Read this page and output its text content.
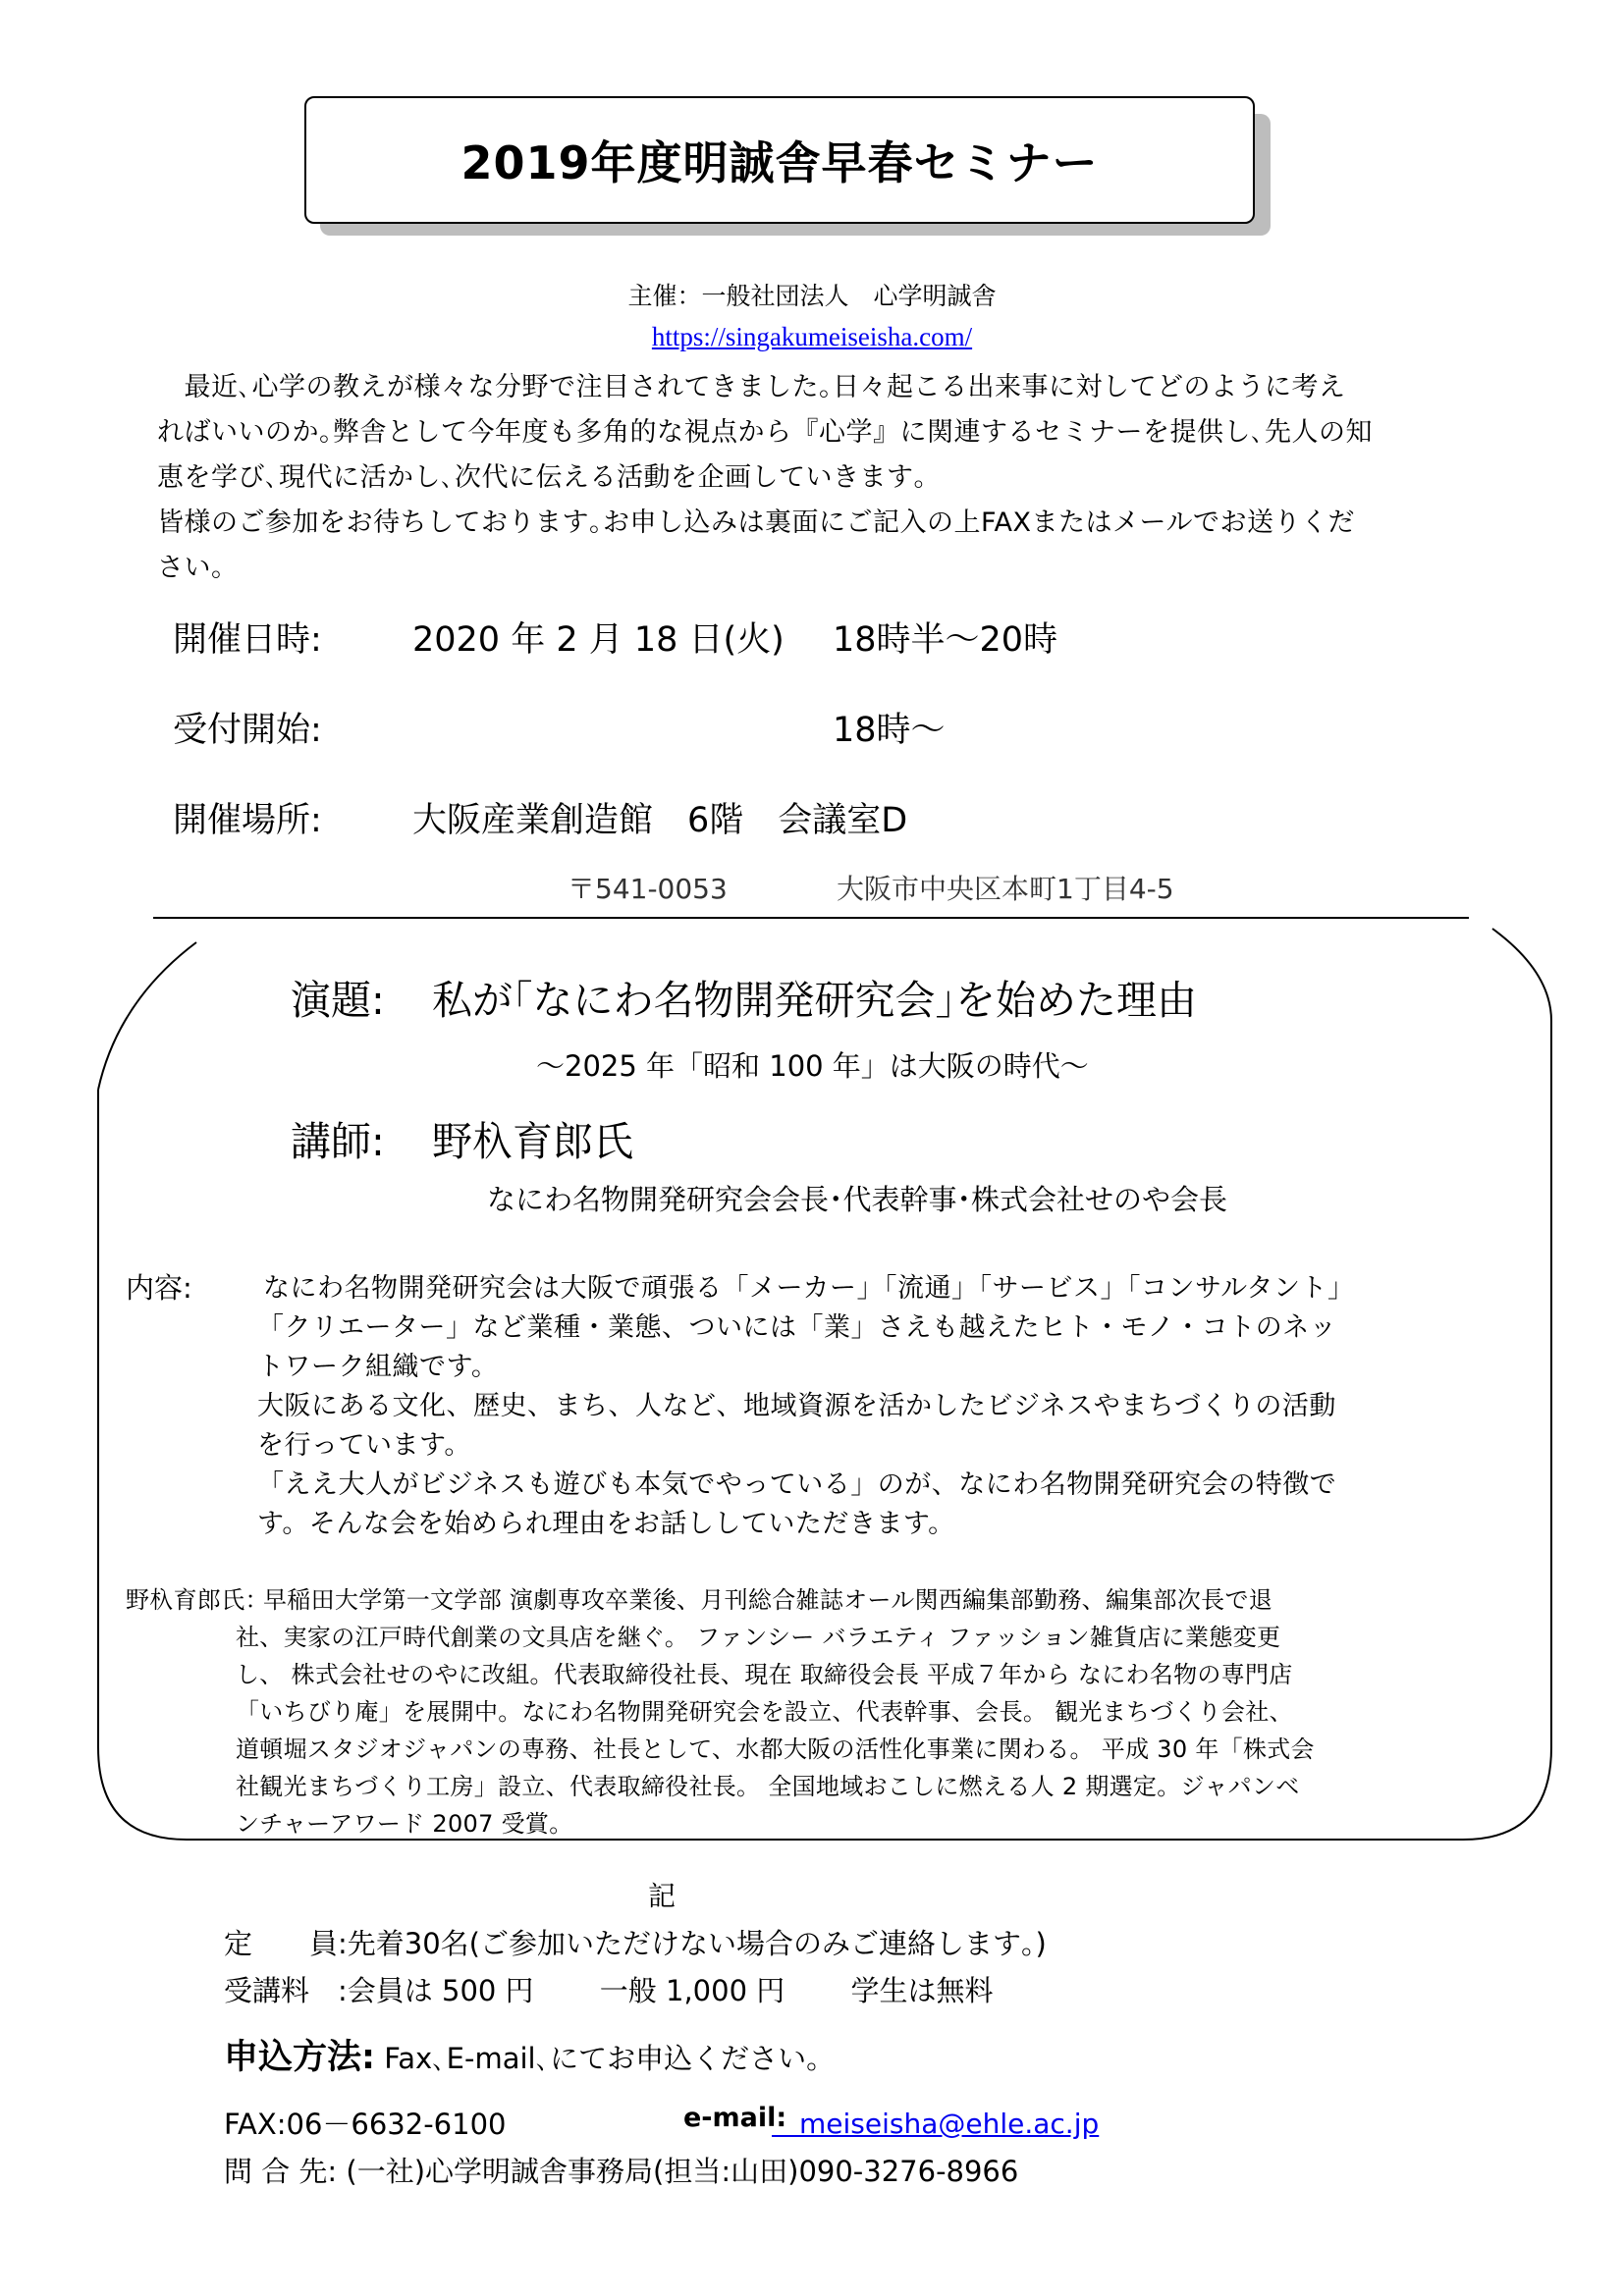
2019年度明誠舎早春セミナー
主催：一般社団法人　心学明誠舎
https://singakumeiseisha.com/
　最近､心学の教えが様々な分野で注目されてきました｡日々起こる出来事に対してどのように考え
ればいいのか｡弊舎として今年度も多角的な視点から『心学』に関連するセミナーを提供し､先人の知
恵を学び､現代に活かし､次代に伝える活動を企画していきます｡
皆様のご参加をお待ちしております｡お申し込みは裏面にご記入の上FAXまたはメールでお送りくだ
さい｡
開催日時:	2020 年 2 月 18 日(火) 18時半～20時
受付開始:	18時～
開催場所:	大阪産業創造館　6階　会議室D
〒541-0053	大阪市中央区本町1丁目4-5
演題: 私が｢なにわ名物開発研究会｣を始めた理由
～2025 年「昭和 100 年」は大阪の時代～
講師: 野杁育郎氏
なにわ名物開発研究会会長･代表幹事･株式会社せのや会長
内容:	なにわ名物開発研究会は大阪で頑張る「メーカー」「流通」「サービス」「コンサルタント」
「クリエーター」など業種・業態、ついには「業」さえも越えたヒト・モノ・コトのネッ
トワーク組織です。
大阪にある文化、歴史、まち、人など、地域資源を活かしたビジネスやまちづくりの活動
を行っています。
「ええ大人がビジネスも遊びも本気でやっている」のが、なにわ名物開発研究会の特徴で
す。そんな会を始められ理由をお話ししていただきます。
野杁育郎氏：
早稲田大学第一文学部 演劇専攻卒業後、月刊総合雑誌オール関西編集部勤務、編集部次長で退
社、実家の江戸時代創業の文具店を継ぐ。 ファンシー バラエティ ファッション雑貨店に業態変更
し、 株式会社せのやに改組。代表取締役社長、現在 取締役会長 平成７年から なにわ名物の専門店
「いちびり庵」を展開中。なにわ名物開発研究会を設立、代表幹事、会長。 観光まちづくり会社、
道頓堀スタジオジャパンの専務、社長として、水都大阪の活性化事業に関わる。 平成 30 年「株式会
社観光まちづくり工房」設立、代表取締役社長。 全国地域おこしに燃える人 2 期選定。ジャパンベ
ンチャーアワード 2007 受賞。
記
定　　員:先着30名(ご参加いただけない場合のみご連絡します｡)
受講料　:会員は 500 円　　 一般 1,000 円　　 学生は無料
申込方法: Fax､E-mail､にてお申込ください｡
FAX:06－6632-6100	e-mail:
　meiseisha@ehle.ac.jp
問 合 先: (一社)心学明誠舎事務局(担当:山田)090-3276-8966
